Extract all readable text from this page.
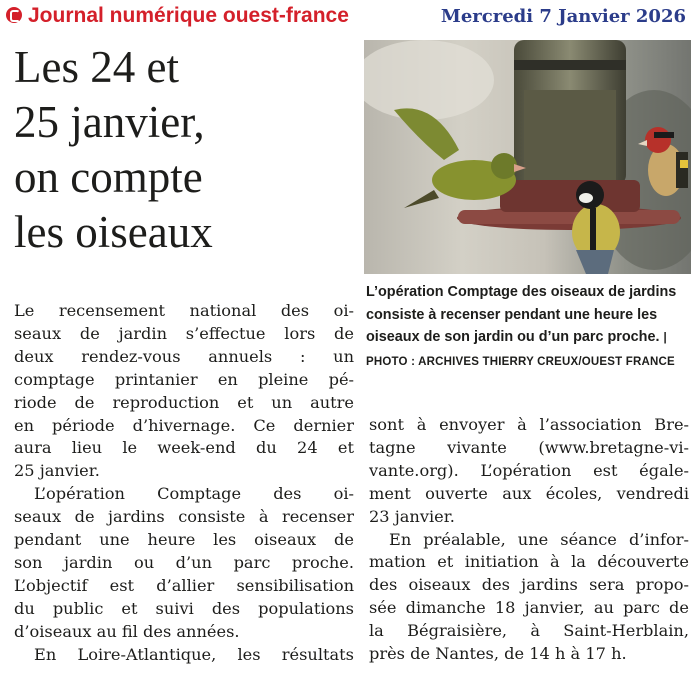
Journal numérique ouest-france	Mercredi 7 Janvier 2026
Les 24 et
25 janvier,
on compte
les oiseaux
L’opération Comptage des oiseaux de jardins consiste à recenser pendant une heure les oiseaux de son jardin ou d’un parc proche. | PHOTO : ARCHIVES THIERRY CREUX/OUEST FRANCE

Le recensement national des oi-
seaux de jardin s’effectue lors de
deux rendez-vous annuels : un
comptage printanier en pleine pé-
riode de reproduction et un autre
en période d’hivernage. Ce dernier
aura lieu le week-end du 24 et
25 janvier.

L’opération Comptage des oi-
seaux de jardins consiste à recenser
pendant une heure les oiseaux de
son jardin ou d’un parc proche.
L’objectif est d’allier sensibilisation
du public et suivi des populations
d’oiseaux au fil des années.

En Loire-Atlantique, les résultats

sont à envoyer à l’association Bre-
tagne vivante (www.bretagne-vi-
vante.org). L’opération est égale-
ment ouverte aux écoles, vendredi
23 janvier.

En préalable, une séance d’infor-
mation et initiation à la découverte
des oiseaux des jardins sera propo-
sée dimanche 18 janvier, au parc de
la Bégraisière, à Saint-Herblain,
près de Nantes, de 14 h à 17 h.
